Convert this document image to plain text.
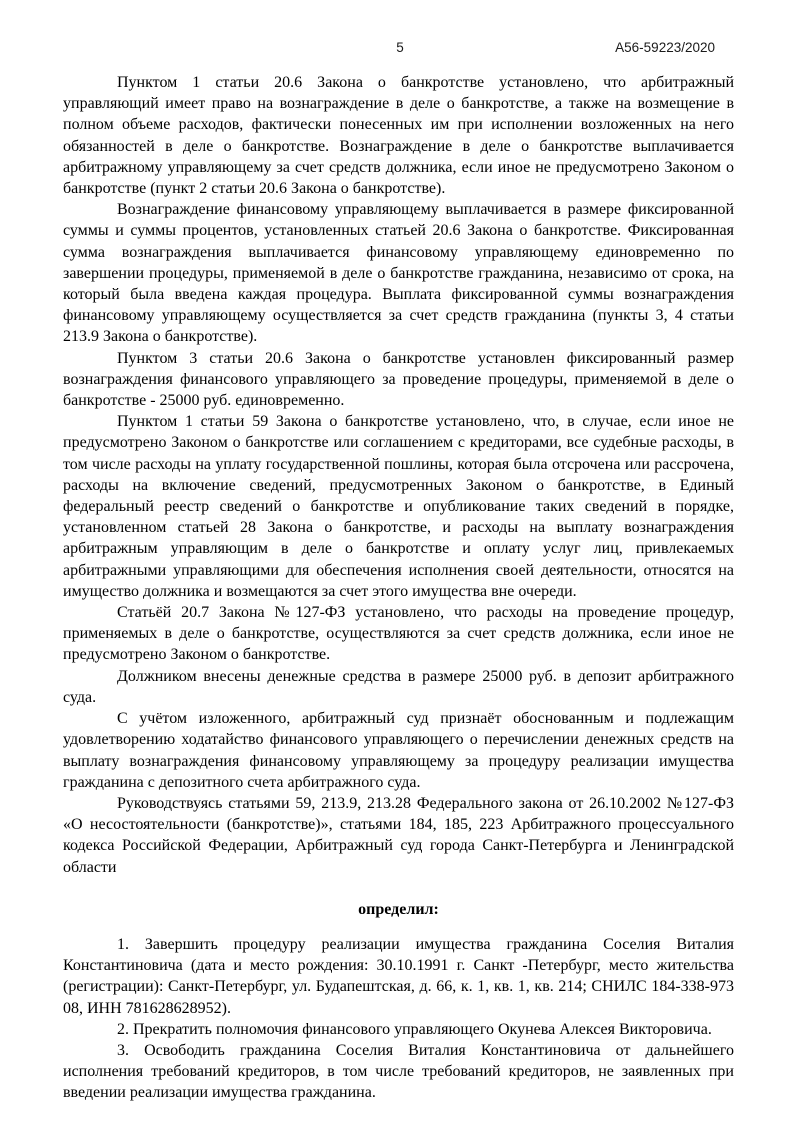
5	А56-59223/2020

Пунктом 1 статьи 20.6 Закона о банкротстве установлено, что арбитражный управляющий имеет право на вознаграждение в деле о банкротстве, а также на возмещение в полном объеме расходов, фактически понесенных им при исполнении возложенных на него обязанностей в деле о банкротстве. Вознаграждение в деле о банкротстве выплачивается арбитражному управляющему за счет средств должника, если иное не предусмотрено Законом о банкротстве (пункт 2 статьи 20.6 Закона о банкротстве).

Вознаграждение финансовому управляющему выплачивается в размере фиксированной суммы и суммы процентов, установленных статьей 20.6 Закона о банкротстве. Фиксированная сумма вознаграждения выплачивается финансовому управляющему единовременно по завершении процедуры, применяемой в деле о банкротстве гражданина, независимо от срока, на который была введена каждая процедура. Выплата фиксированной суммы вознаграждения финансовому управляющему осуществляется за счет средств гражданина (пункты 3, 4 статьи 213.9 Закона о банкротстве).

Пунктом 3 статьи 20.6 Закона о банкротстве установлен фиксированный размер вознаграждения финансового управляющего за проведение процедуры, применяемой в деле о банкротстве - 25000 руб. единовременно.

Пунктом 1 статьи 59 Закона о банкротстве установлено, что, в случае, если иное не предусмотрено Законом о банкротстве или соглашением с кредиторами, все судебные расходы, в том числе расходы на уплату государственной пошлины, которая была отсрочена или рассрочена, расходы на включение сведений, предусмотренных Законом о банкротстве, в Единый федеральный реестр сведений о банкротстве и опубликование таких сведений в порядке, установленном статьей 28 Закона о банкротстве, и расходы на выплату вознаграждения арбитражным управляющим в деле о банкротстве и оплату услуг лиц, привлекаемых арбитражными управляющими для обеспечения исполнения своей деятельности, относятся на имущество должника и возмещаются за счет этого имущества вне очереди.

Статьёй 20.7 Закона №127-ФЗ установлено, что расходы на проведение процедур, применяемых в деле о банкротстве, осуществляются за счет средств должника, если иное не предусмотрено Законом о банкротстве.

Должником внесены денежные средства в размере 25000 руб. в депозит арбитражного суда.

С учётом изложенного, арбитражный суд признаёт обоснованным и подлежащим удовлетворению ходатайство финансового управляющего о перечислении денежных средств на выплату вознаграждения финансовому управляющему за процедуру реализации имущества гражданина с депозитного счета арбитражного суда.

Руководствуясь статьями 59, 213.9, 213.28 Федерального закона от 26.10.2002 №127-ФЗ «О несостоятельности (банкротстве)», статьями 184, 185, 223 Арбитражного процессуального кодекса Российской Федерации, Арбитражный суд города Санкт-Петербурга и Ленинградской области

определил:

1. Завершить процедуру реализации имущества гражданина Соселия Виталия Константиновича (дата и место рождения: 30.10.1991 г. Санкт -Петербург, место жительства (регистрации): Санкт-Петербург, ул. Будапештская, д. 66, к. 1, кв. 1, кв. 214; СНИЛС 184-338-973 08, ИНН 781628628952).

2. Прекратить полномочия финансового управляющего Окунева Алексея Викторовича.

3. Освободить гражданина Соселия Виталия Константиновича от дальнейшего исполнения требований кредиторов, в том числе требований кредиторов, не заявленных при введении реализации имущества гражданина.
